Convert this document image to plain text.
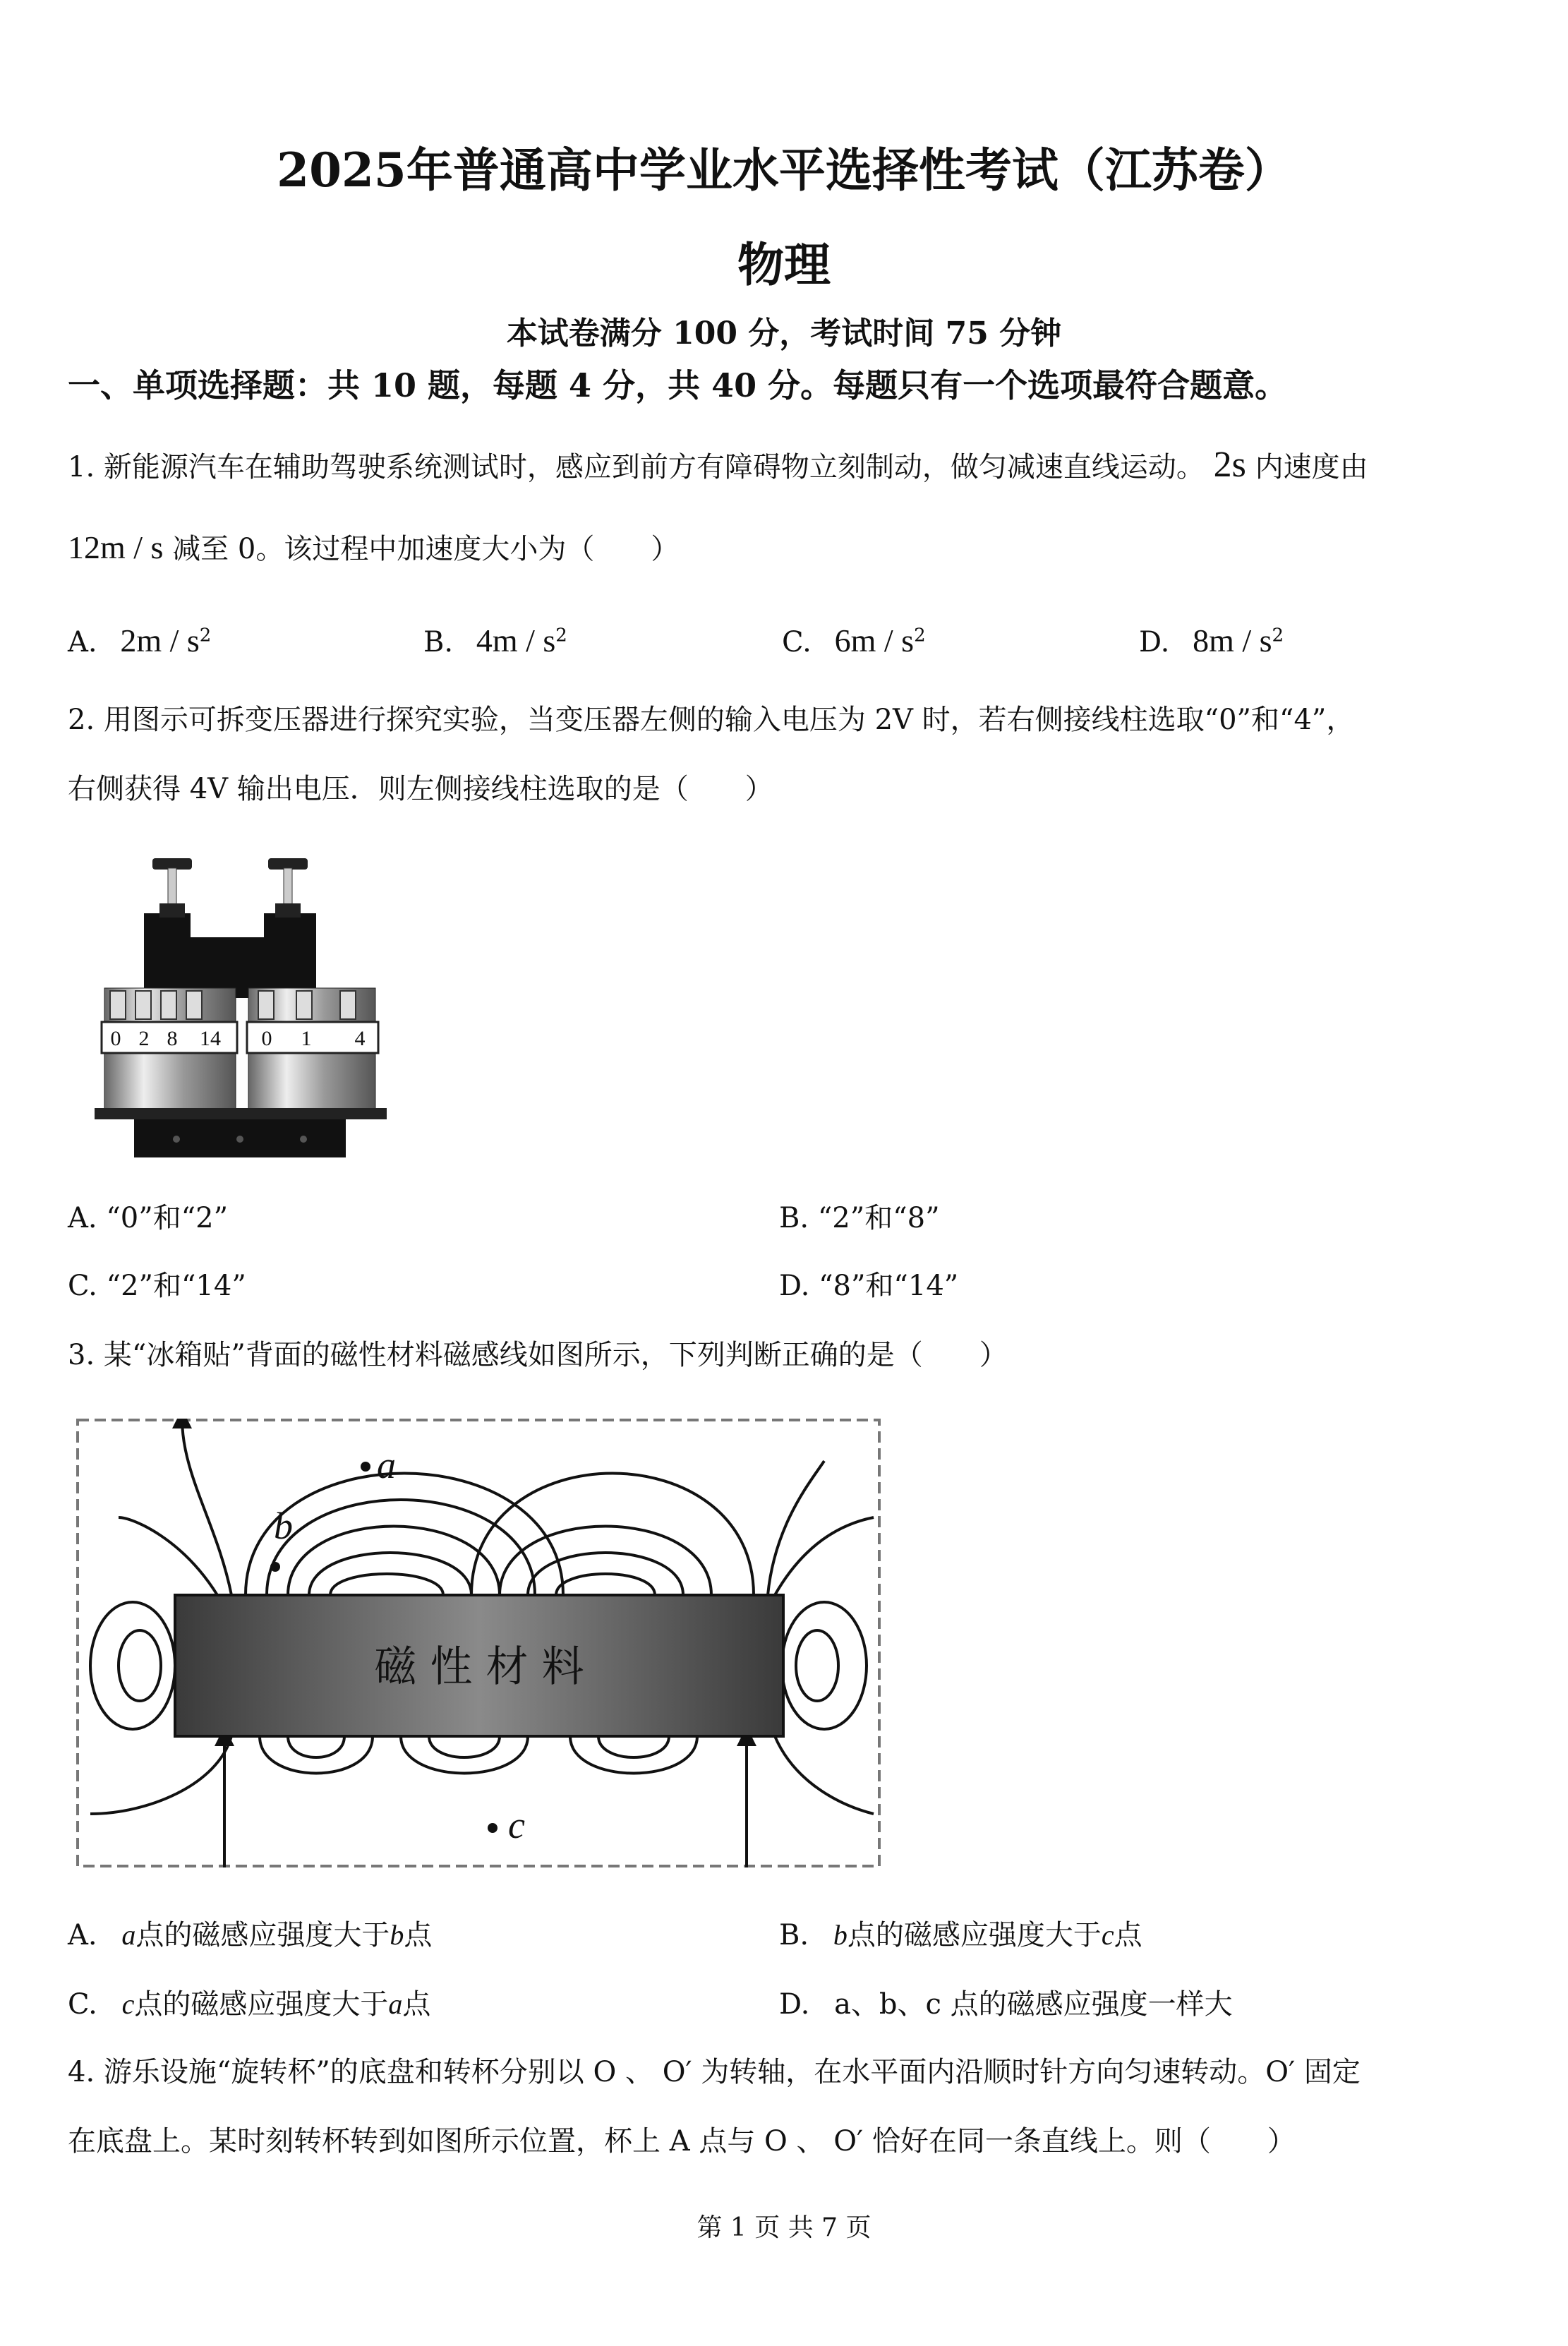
2025年普通高中学业水平选择性考试（江苏卷）
物理
本试卷满分 100 分，考试时间 75 分钟
一、单项选择题：共 10 题，每题 4 分，共 40 分。每题只有一个选项最符合题意。
1. 新能源汽车在辅助驾驶系统测试时，感应到前方有障碍物立刻制动，做匀减速直线运动。 2s 内速度由
12m / s 减至 0。该过程中加速度大小为（　　）
A. $2m / s^2$	B. $4m / s^2$	C. $6m / s^2$	D. $8m / s^2$
2. 用图示可拆变压器进行探究实验，当变压器左侧的输入电压为 2V 时，若右侧接线柱选取“0”和“4”，
右侧获得 4V 输出电压．则左侧接线柱选取的是（　　）
0 2 8 14 0 1 4
A. “0”和“2”	B. “2”和“8”
C. “2”和“14”	D. “8”和“14”
3. 某“冰箱贴”背面的磁性材料磁感线如图所示，下列判断正确的是（　　）
磁 性 材 料
a
b
c
A. a点的磁感应强度大于b点	B. b点的磁感应强度大于c点
C. c点的磁感应强度大于a点	D. a、b、c 点的磁感应强度一样大
4. 游乐设施“旋转杯”的底盘和转杯分别以 O 、 O′ 为转轴，在水平面内沿顺时针方向匀速转动。O′ 固定
在底盘上。某时刻转杯转到如图所示位置，杯上 A 点与 O 、 O′ 恰好在同一条直线上。则（　　）
第 1 页 共 7 页
